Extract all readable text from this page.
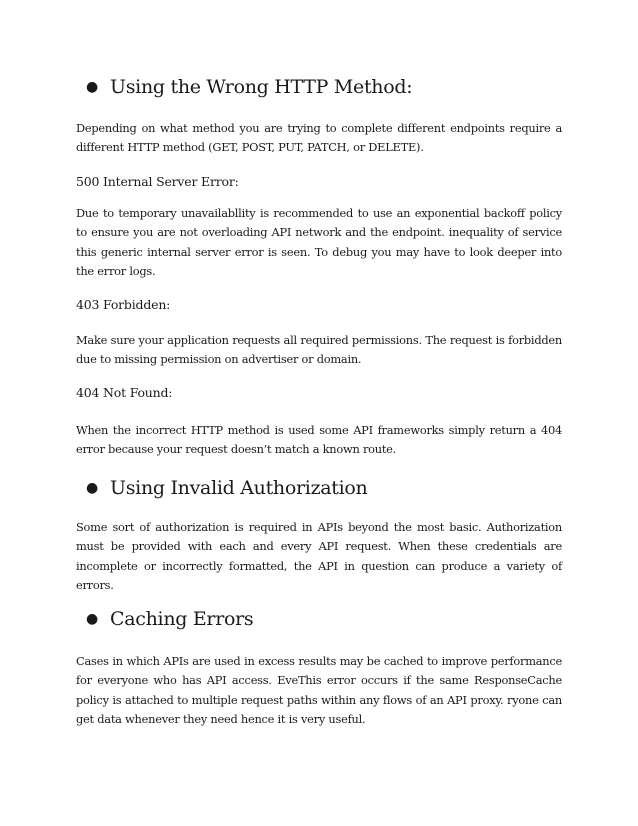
● Using the Wrong HTTP Method:

Depending on what method you are trying to complete different endpoints require a different HTTP method (GET, POST, PUT, PATCH, or DELETE).

500 Internal Server Error:

Due to temporary unavailabllity is recommended to use an exponential backoff policy to ensure you are not overloading API network and the endpoint. inequality of service this generic internal server error is seen. To debug you may have to look deeper into the error logs.

403 Forbidden:

Make sure your application requests all required permissions. The request is forbidden due to missing permission on advertiser or domain.

404 Not Found:

When the incorrect HTTP method is used some API frameworks simply return a 404 error because your request doesn’t match a known route.

● Using Invalid Authorization

Some sort of authorization is required in APIs beyond the most basic. Authorization must be provided with each and every API request. When these credentials are incomplete or incorrectly formatted, the API in question can produce a variety of errors.

● Caching Errors

Cases in which APIs are used in excess results may be cached to improve performance for everyone who has API access. EveThis error occurs if the same ResponseCache policy is attached to multiple request paths within any flows of an API proxy. ryone can get data whenever they need hence it is very useful.
